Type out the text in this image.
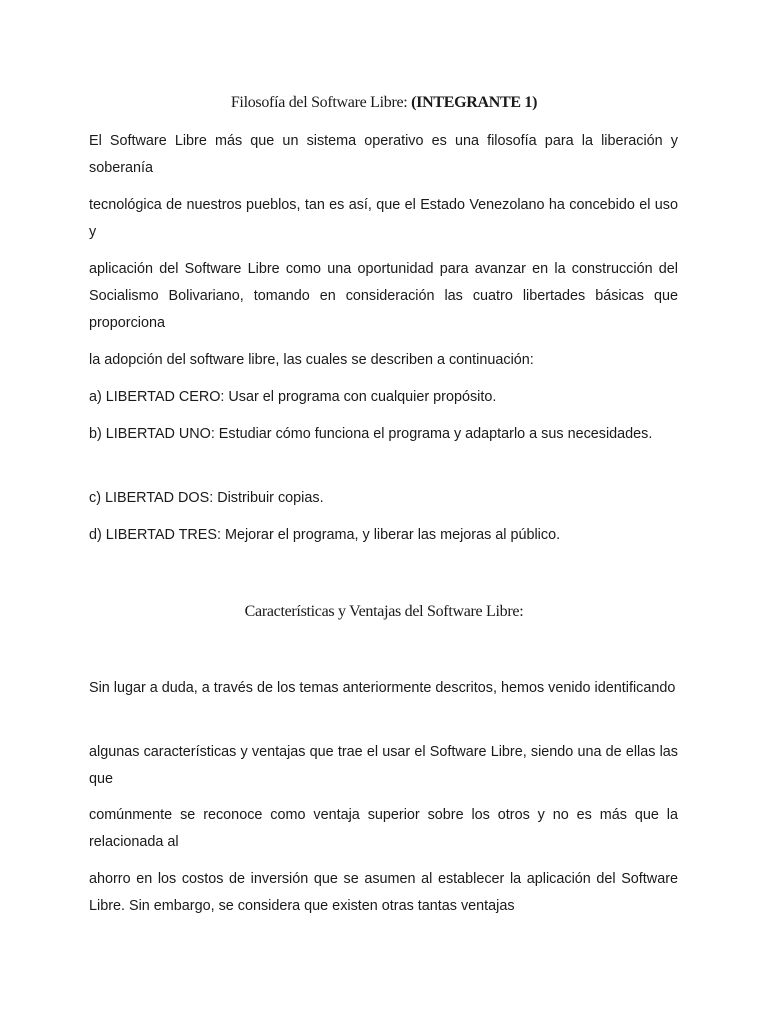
Filosofía del Software Libre: (INTEGRANTE 1)

El Software Libre más que un sistema operativo es una filosofía para la liberación y soberanía

tecnológica de nuestros pueblos, tan es así, que el Estado Venezolano ha concebido el uso y

aplicación del Software Libre como una oportunidad para avanzar en la construcción del Socialismo Bolivariano, tomando en consideración las cuatro libertades básicas que proporciona

la adopción del software libre, las cuales se describen a continuación:

a) LIBERTAD CERO: Usar el programa con cualquier propósito.

b) LIBERTAD UNO: Estudiar cómo funciona el programa y adaptarlo a sus necesidades.

c) LIBERTAD DOS: Distribuir copias.

d) LIBERTAD TRES: Mejorar el programa, y liberar las mejoras al público.

Características y Ventajas del Software Libre:

Sin lugar a duda, a través de los temas anteriormente descritos, hemos venido identificando

algunas características y ventajas que trae el usar el Software Libre, siendo una de ellas las que

comúnmente se reconoce como ventaja superior sobre los otros y no es más que la relacionada al

ahorro en los costos de inversión que se asumen al establecer la aplicación del Software Libre. Sin embargo, se considera que existen otras tantas ventajas
